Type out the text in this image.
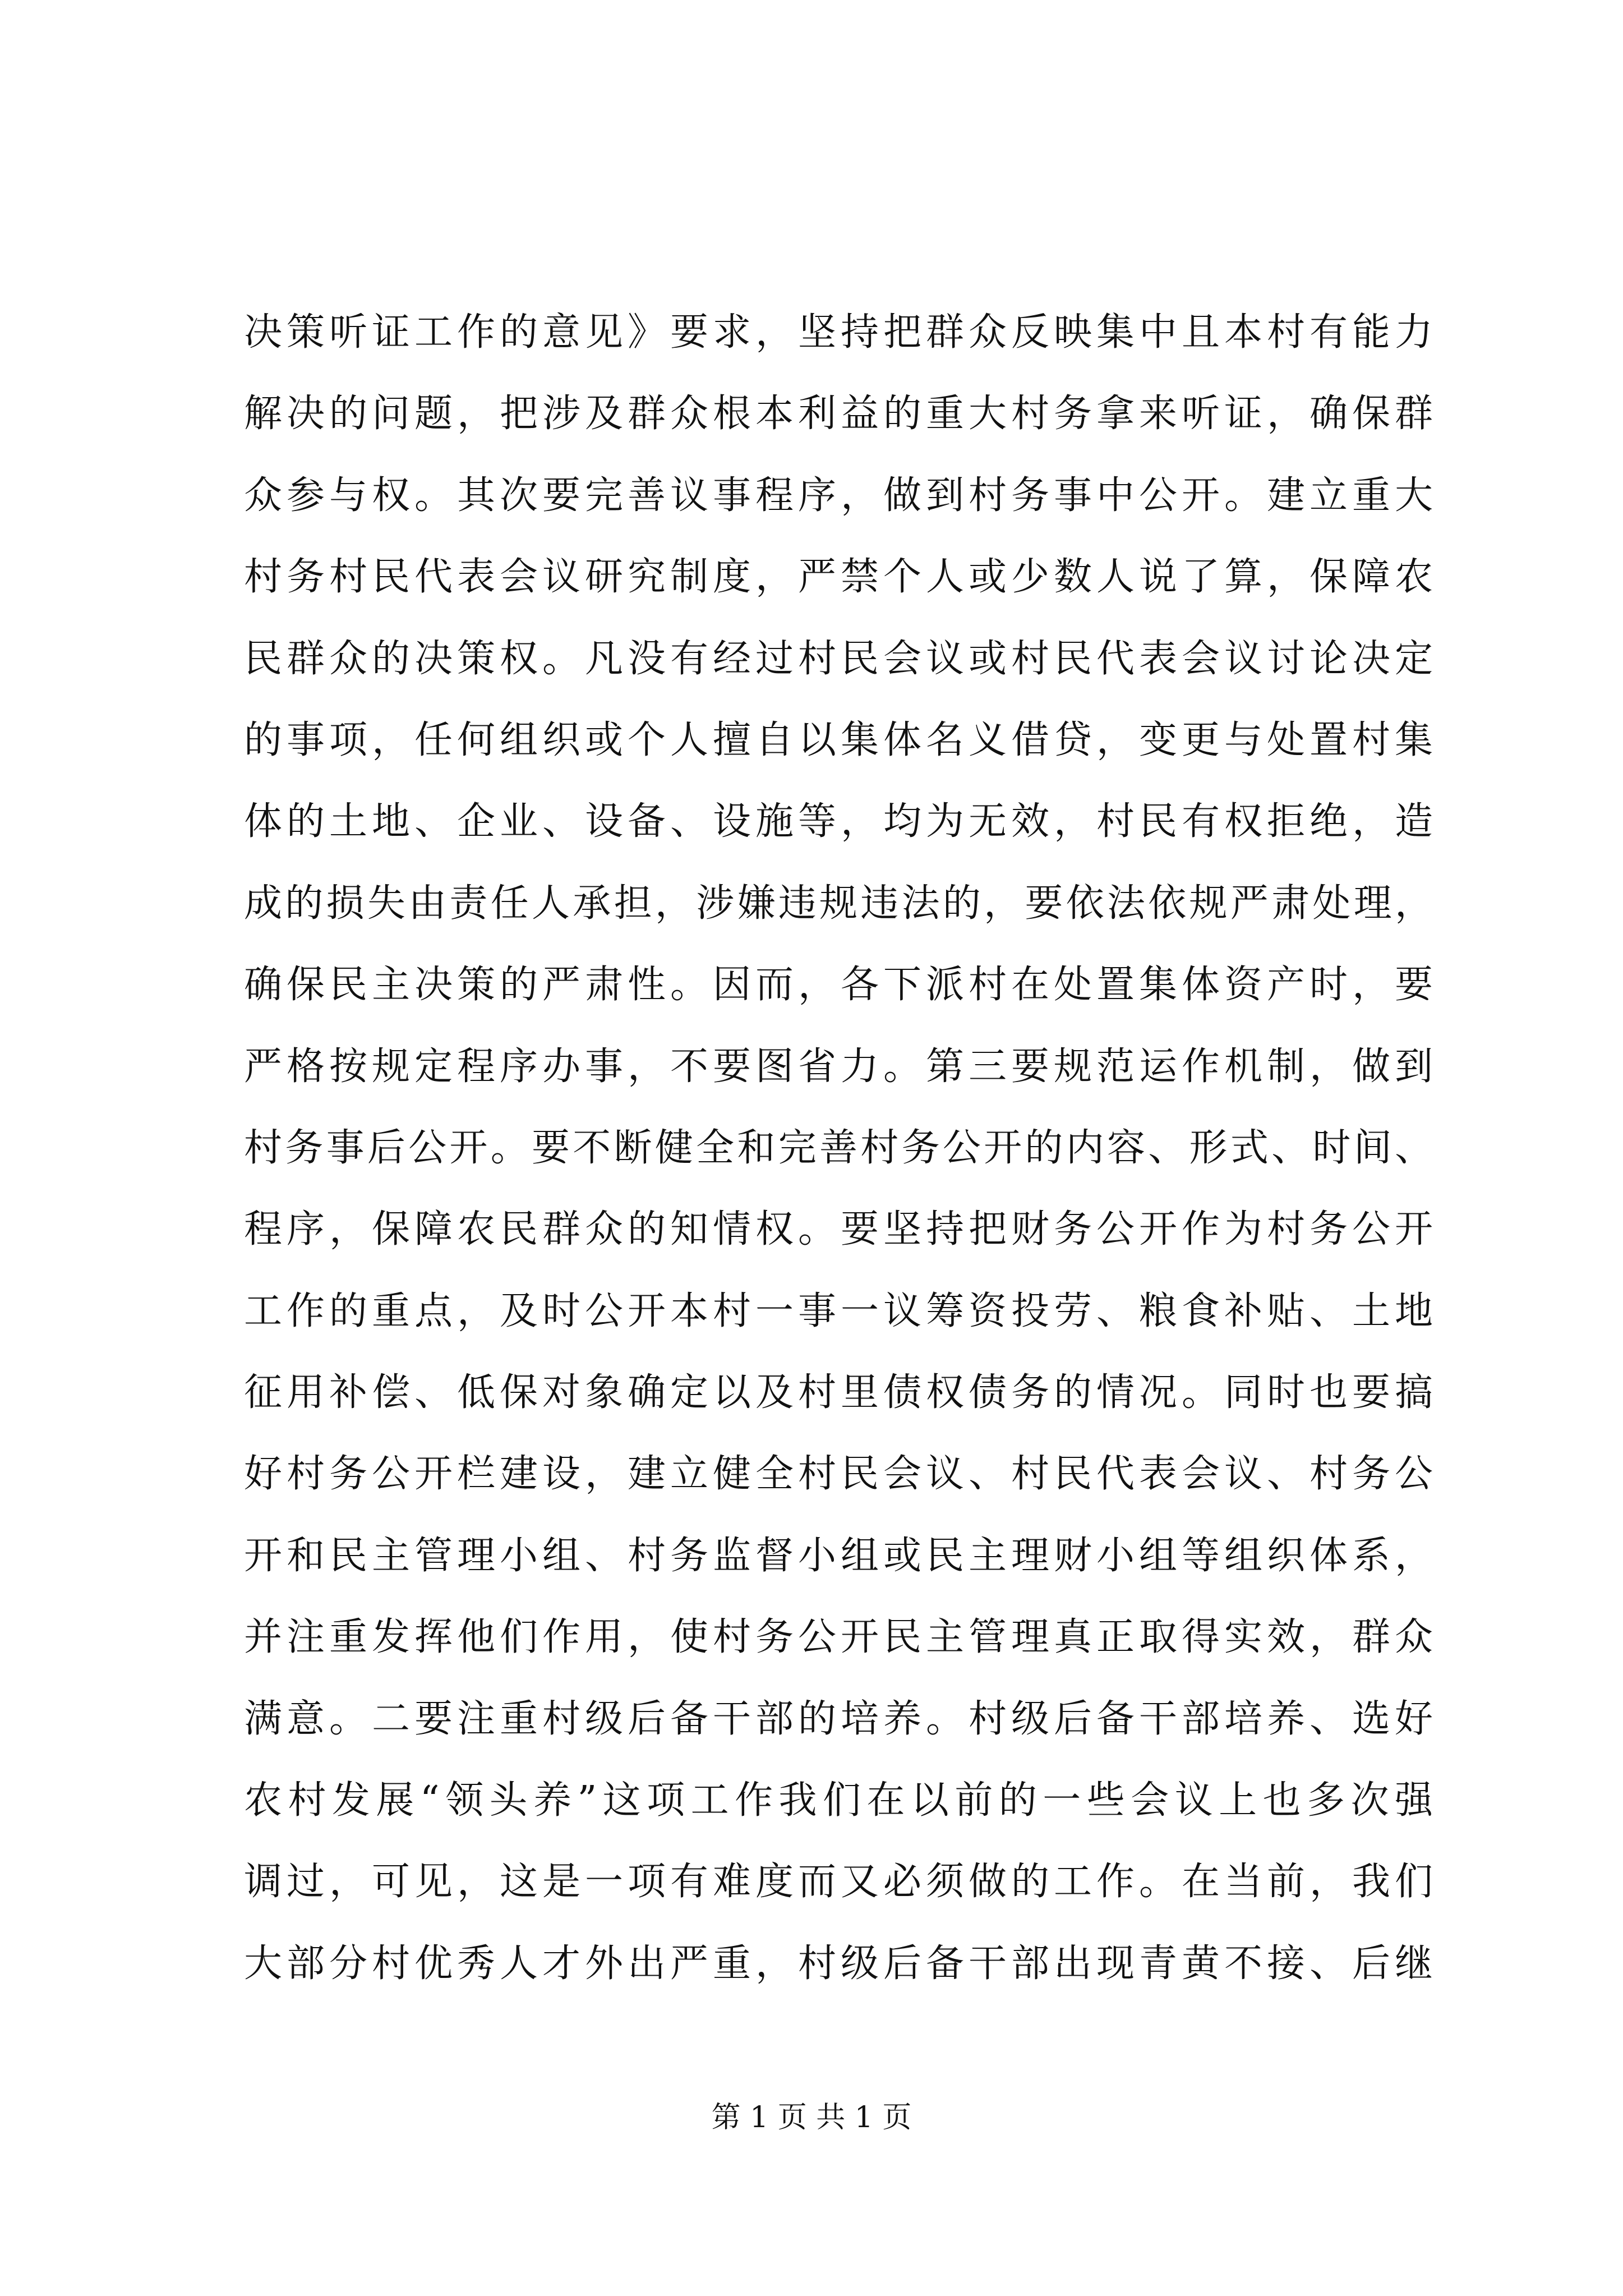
决策听证工作的意见》要求，坚持把群众反映集中且本村有能力
解决的问题，把涉及群众根本利益的重大村务拿来听证，确保群
众参与权。其次要完善议事程序，做到村务事中公开。建立重大
村务村民代表会议研究制度，严禁个人或少数人说了算，保障农
民群众的决策权。凡没有经过村民会议或村民代表会议讨论决定
的事项，任何组织或个人擅自以集体名义借贷，变更与处置村集
体的土地、企业、设备、设施等，均为无效，村民有权拒绝，造
成的损失由责任人承担，涉嫌违规违法的，要依法依规严肃处理，
确保民主决策的严肃性。因而，各下派村在处置集体资产时，要
严格按规定程序办事，不要图省力。第三要规范运作机制，做到
村务事后公开。要不断健全和完善村务公开的内容、形式、时间、
程序，保障农民群众的知情权。要坚持把财务公开作为村务公开
工作的重点，及时公开本村一事一议筹资投劳、粮食补贴、土地
征用补偿、低保对象确定以及村里债权债务的情况。同时也要搞
好村务公开栏建设，建立健全村民会议、村民代表会议、村务公
开和民主管理小组、村务监督小组或民主理财小组等组织体系，
并注重发挥他们作用，使村务公开民主管理真正取得实效，群众
满意。二要注重村级后备干部的培养。村级后备干部培养、选好
农村发展“领头养”这项工作我们在以前的一些会议上也多次强
调过，可见，这是一项有难度而又必须做的工作。在当前，我们
大部分村优秀人才外出严重，村级后备干部出现青黄不接、后继
第 1 页 共 1 页
